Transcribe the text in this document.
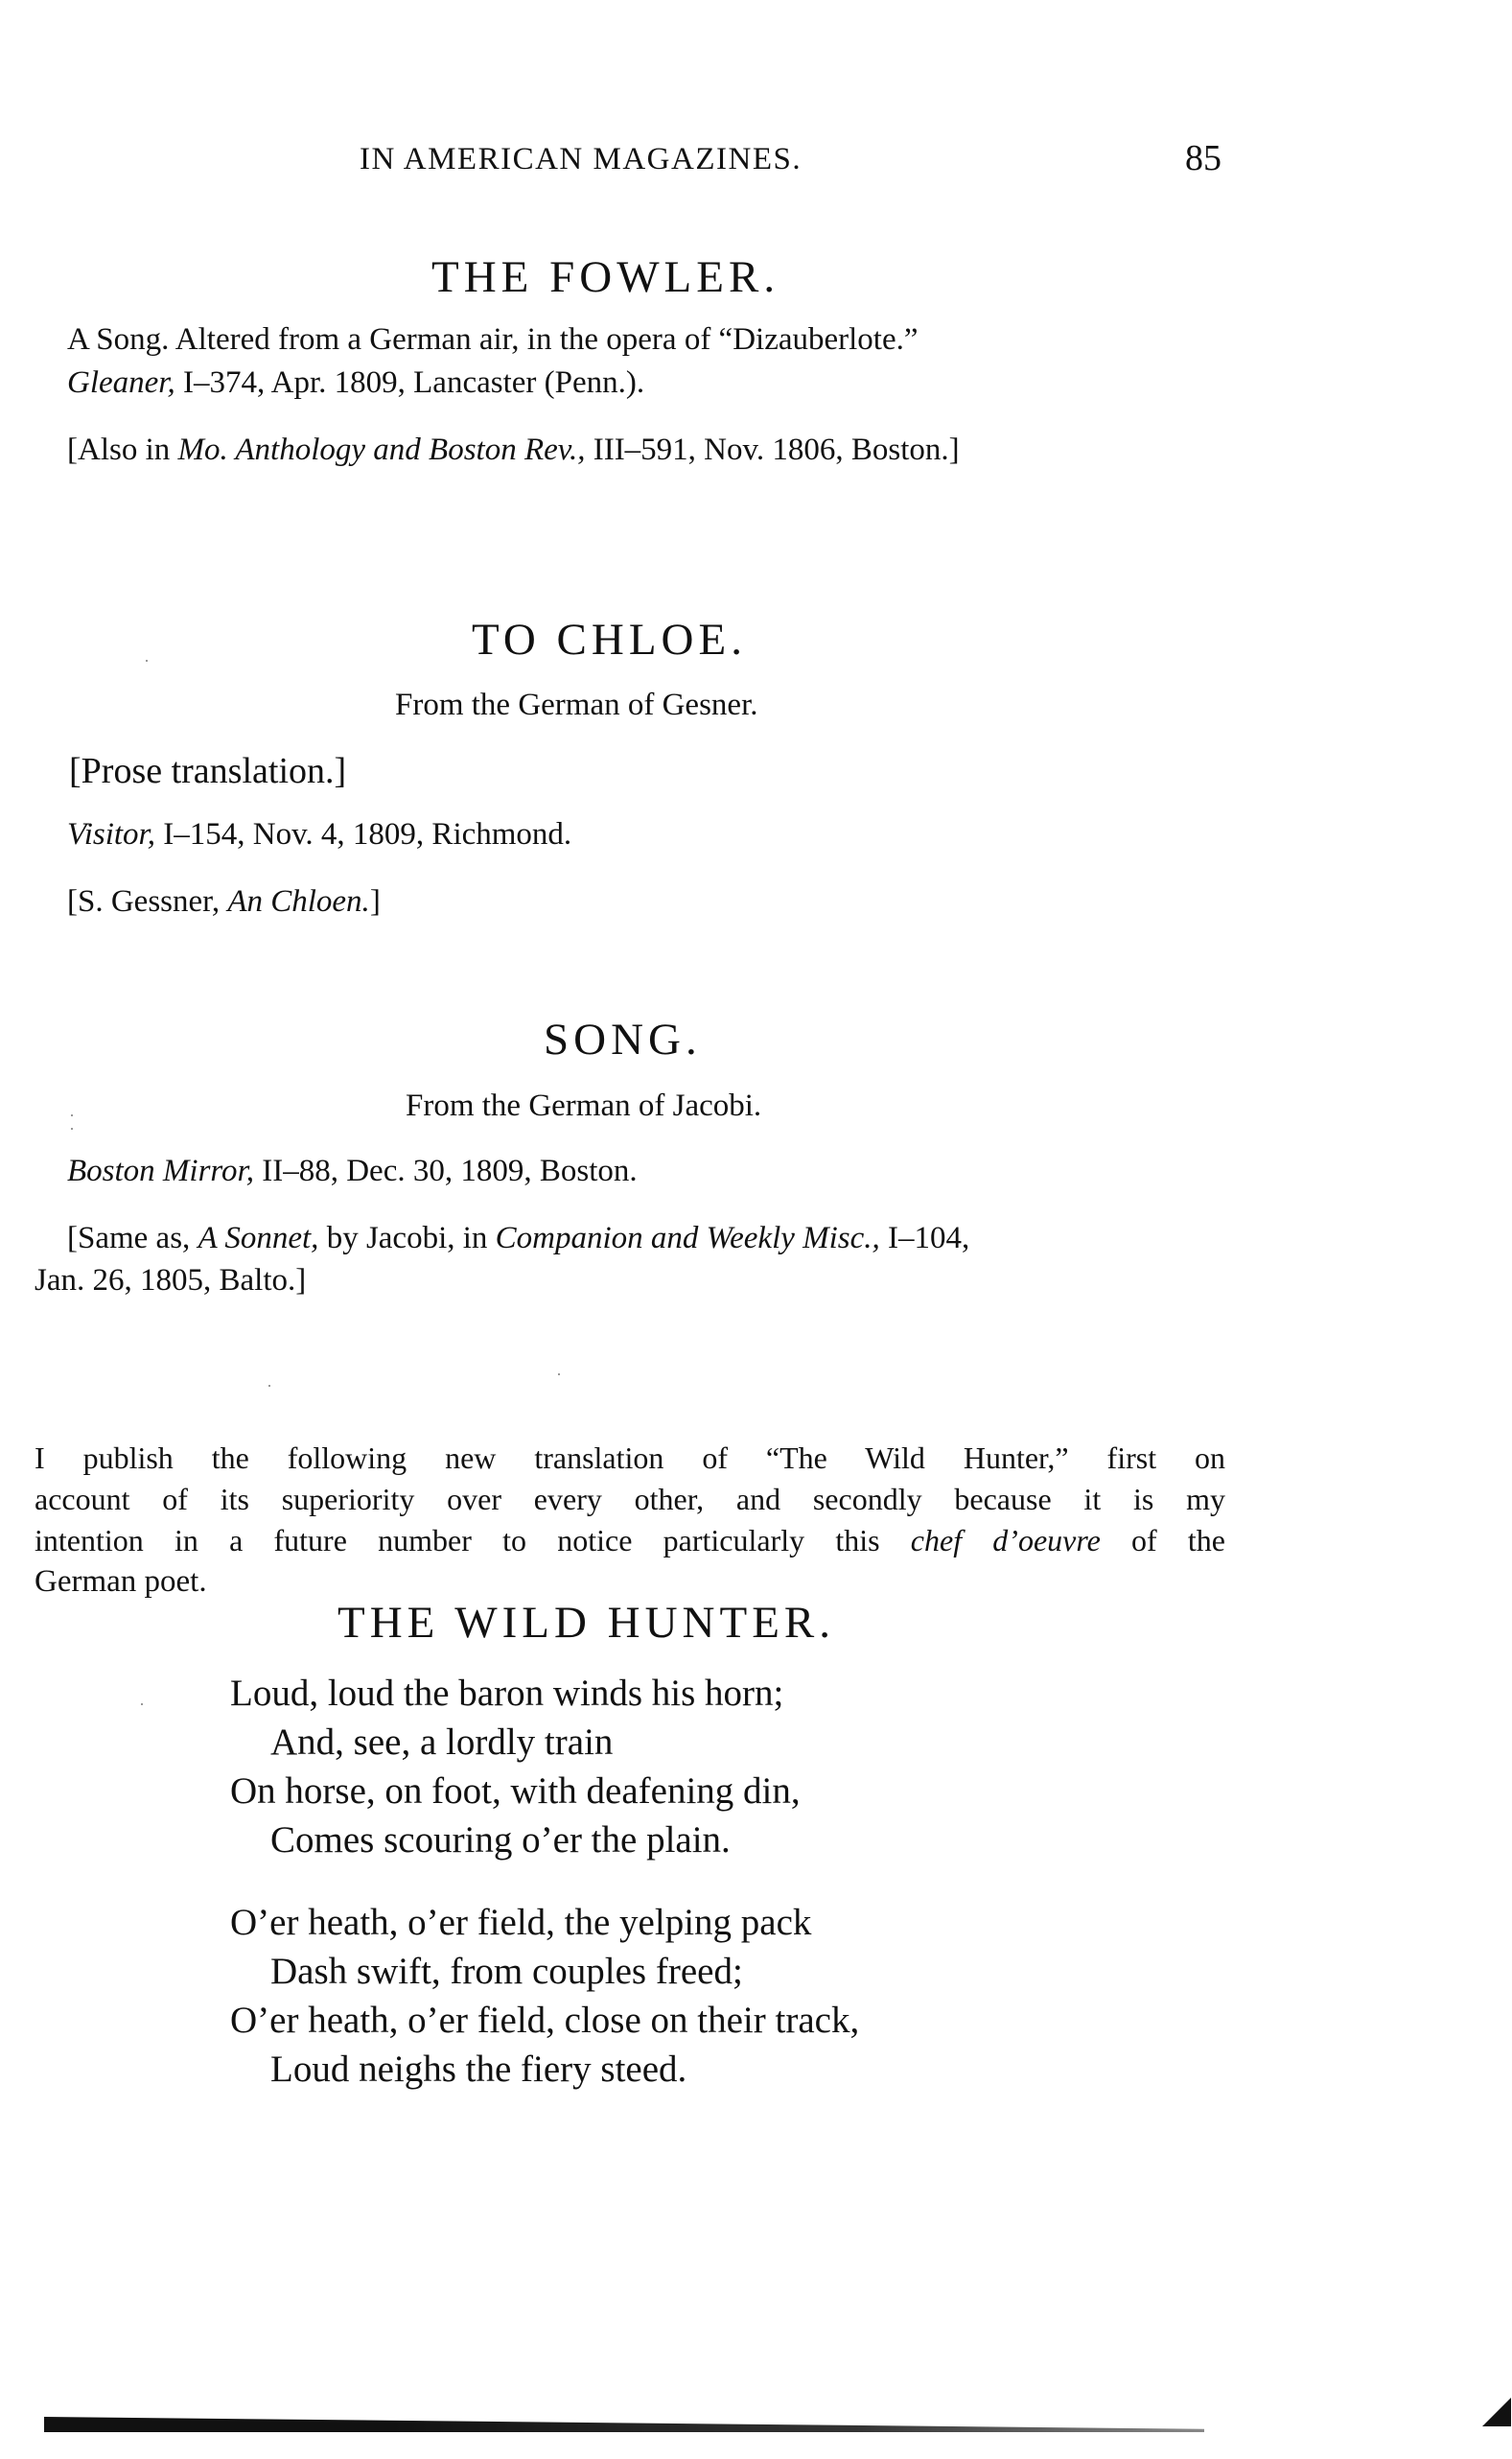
IN AMERICAN MAGAZINES.	85
THE FOWLER.
A Song. Altered from a German air, in the opera of “Dizauberlote.”
Gleaner, I–374, Apr. 1809, Lancaster (Penn.).
[Also in Mo. Anthology and Boston Rev., III–591, Nov. 1806, Boston.]
TO CHLOE.
From the German of Gesner.
[Prose translation.]
Visitor, I–154, Nov. 4, 1809, Richmond.
[S. Gessner, An Chloen.]
SONG.
From the German of Jacobi.
Boston Mirror, II–88, Dec. 30, 1809, Boston.
[Same as, A Sonnet, by Jacobi, in Companion and Weekly Misc., I–104,
Jan. 26, 1805, Balto.]
I publish the following new translation of “The Wild Hunter,” first on
account of its superiority over every other, and secondly because it is my
intention in a future number to notice particularly this chef d’oeuvre of the
German poet.
THE WILD HUNTER.
Loud, loud the baron winds his horn;
And, see, a lordly train
On horse, on foot, with deafening din,
Comes scouring o’er the plain.
O’er heath, o’er field, the yelping pack
Dash swift, from couples freed;
O’er heath, o’er field, close on their track,
Loud neighs the fiery steed.
